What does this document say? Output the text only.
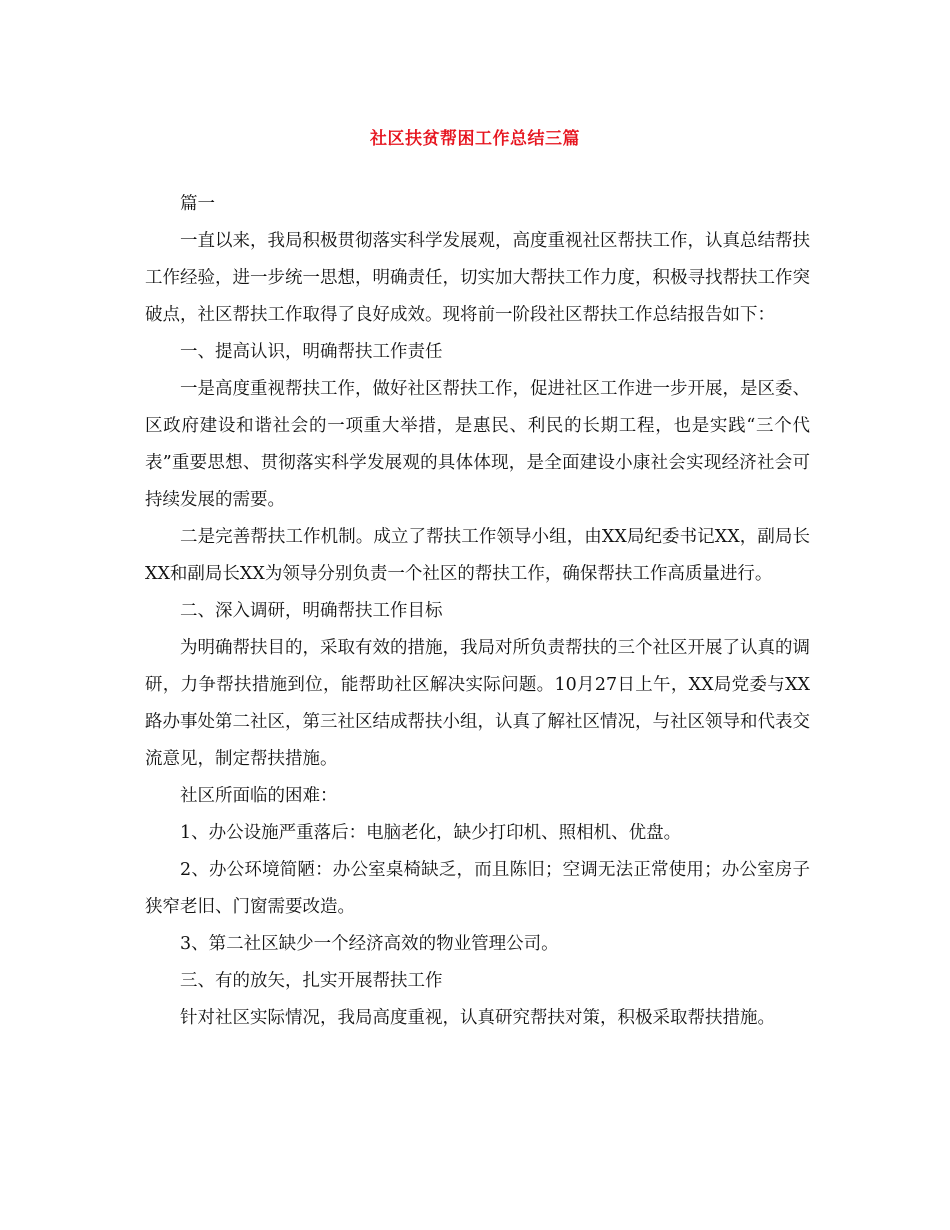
社区扶贫帮困工作总结三篇

篇一

一直以来，我局积极贯彻落实科学发展观，高度重视社区帮扶工作，认真总结帮扶工作经验，进一步统一思想，明确责任，切实加大帮扶工作力度，积极寻找帮扶工作突破点，社区帮扶工作取得了良好成效。现将前一阶段社区帮扶工作总结报告如下：

一、提高认识，明确帮扶工作责任

一是高度重视帮扶工作，做好社区帮扶工作，促进社区工作进一步开展，是区委、区政府建设和谐社会的一项重大举措，是惠民、利民的长期工程，也是实践“三个代表”重要思想、贯彻落实科学发展观的具体体现，是全面建设小康社会实现经济社会可持续发展的需要。

二是完善帮扶工作机制。成立了帮扶工作领导小组，由XX局纪委书记XX，副局长XX和副局长XX为领导分别负责一个社区的帮扶工作，确保帮扶工作高质量进行。

二、深入调研，明确帮扶工作目标

为明确帮扶目的，采取有效的措施，我局对所负责帮扶的三个社区开展了认真的调研，力争帮扶措施到位，能帮助社区解决实际问题。10月27日上午，XX局党委与XX路办事处第二社区，第三社区结成帮扶小组，认真了解社区情况，与社区领导和代表交流意见，制定帮扶措施。

社区所面临的困难：

1、办公设施严重落后：电脑老化，缺少打印机、照相机、优盘。

2、办公环境简陋：办公室桌椅缺乏，而且陈旧；空调无法正常使用；办公室房子狭窄老旧、门窗需要改造。

3、第二社区缺少一个经济高效的物业管理公司。

三、有的放矢，扎实开展帮扶工作

针对社区实际情况，我局高度重视，认真研究帮扶对策，积极采取帮扶措施。
